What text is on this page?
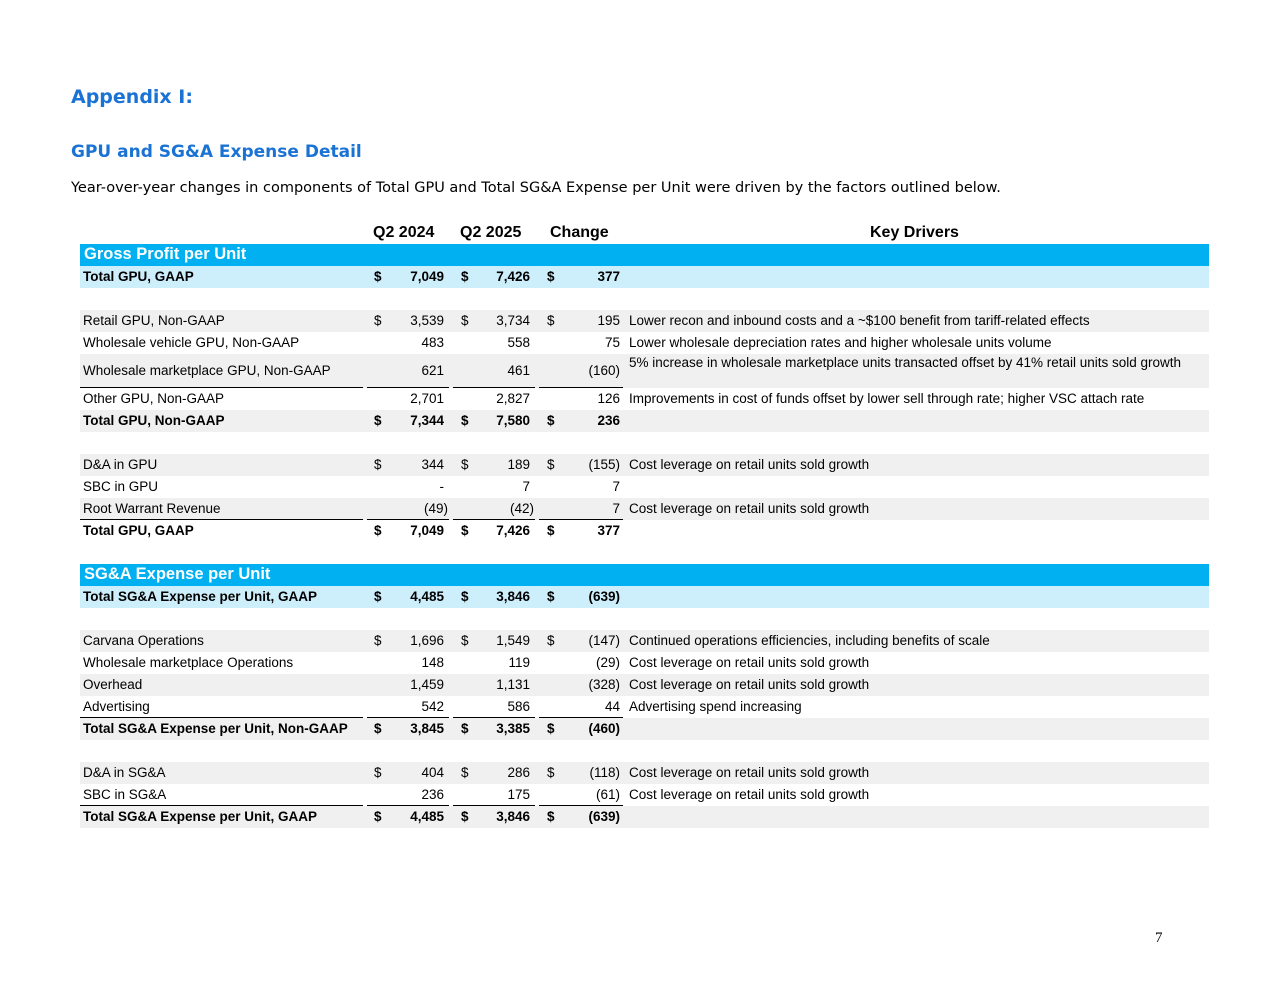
Appendix I:
GPU and SG&A Expense Detail
Year-over-year changes in components of Total GPU and Total SG&A Expense per Unit were driven by the factors outlined below.
Q2 2024 Q2 2025 Change	Key Drivers
Gross Profit per Unit
Total GPU, GAAP	$	7,049 $	7,426 $	377
Retail GPU, Non-GAAP	$	3,539 $	3,734 $	195 Lower recon and inbound costs and a ~$100 benefit from tariff-related effects
Wholesale vehicle GPU, Non-GAAP	483	558	75 Lower wholesale depreciation rates and higher wholesale units volume
Wholesale marketplace GPU, Non-GAAP	621	461	(160)
5% increase in wholesale marketplace units transacted offset by 41% retail units sold growth
Other GPU, Non-GAAP	2,701	2,827	126 Improvements in cost of funds offset by lower sell through rate; higher VSC attach rate
Total GPU, Non-GAAP	$	7,344 $	7,580 $	236
D&A in GPU	$	344 $	189 $	(155) Cost leverage on retail units sold growth
SBC in GPU	-	7	7
Root Warrant Revenue	(49)	(42)	7 Cost leverage on retail units sold growth
Total GPU, GAAP	$	7,049 $	7,426 $	377
SG&A Expense per Unit
Total SG&A Expense per Unit, GAAP	$	4,485 $	3,846 $	(639)
Carvana Operations	$	1,696 $	1,549 $	(147) Continued operations efficiencies, including benefits of scale
Wholesale marketplace Operations	148	119	(29) Cost leverage on retail units sold growth
Overhead	1,459	1,131	(328) Cost leverage on retail units sold growth
Advertising	542	586	44 Advertising spend increasing
Total SG&A Expense per Unit, Non-GAAP $	3,845 $	3,385 $	(460)
D&A in SG&A	$	404 $	286 $	(118) Cost leverage on retail units sold growth
SBC in SG&A	236	175	(61) Cost leverage on retail units sold growth
Total SG&A Expense per Unit, GAAP	$	4,485 $	3,846 $	(639)
7
